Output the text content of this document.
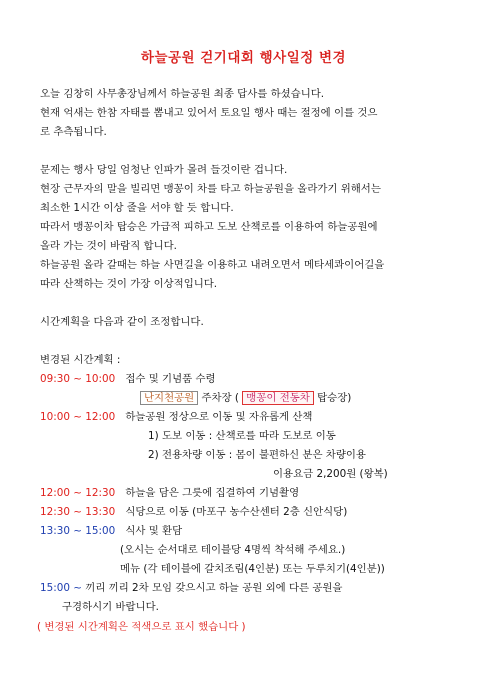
하늘공원 걷기대회 행사일정 변경
오늘 김창히 사무총장님께서 하늘공원 최종 답사를 하셨습니다.
현재 억새는 한참 자태를 뽐내고 있어서 토요일 행사 때는 절정에 이를 것으
로 추측됩니다.
문제는 행사 당일 엄청난 인파가 몰려 들것이란 겁니다.
현장 근무자의 말을 빌리면 맹꽁이 차를 타고 하늘공원을 올라가기 위해서는
최소한 1시간 이상 줄을 서야 할 듯 합니다.
따라서 맹꽁이차 탑승은 가급적 피하고 도보 산책로를 이용하여 하늘공원에
올라 가는 것이 바람직 합니다.
하늘공원 올라 갈때는 하늘 사면길을 이용하고 내려오면서 메타세콰이어길을
따라 산책하는 것이 가장 이상적입니다.
시간계획을 다음과 같이 조정합니다.
변경된 시간계획 :
09:30 ~ 10:00 접수 및 기념품 수령
난지천공원 주차장 ( 맹꽁이 전동차 탑승장)
10:00 ~ 12:00 하늘공원 정상으로 이동 및 자유롭게 산책
1) 도보 이동 : 산책로를 따라 도보로 이동
2) 전용차량 이동 : 몸이 불편하신 분은 차량이용
이용요금 2,200원 (왕복)
12:00 ~ 12:30 하늘을 담은 그릇에 집결하여 기념촬영
12:30 ~ 13:30 식당으로 이동 (마포구 농수산센터 2층 신안식당)
13:30 ~ 15:00 식사 및 환담
(오시는 순서대로 테이블당 4명씩 착석해 주세요.)
메뉴 (각 테이블에 갈치조림(4인분) 또는 두루치기(4인분))
15:00 ~ 끼리 끼리 2차 모임 갖으시고 하늘 공원 외에 다른 공원을
구경하시기 바랍니다.
( 변경된 시간계획은 적색으로 표시 했습니다 )
